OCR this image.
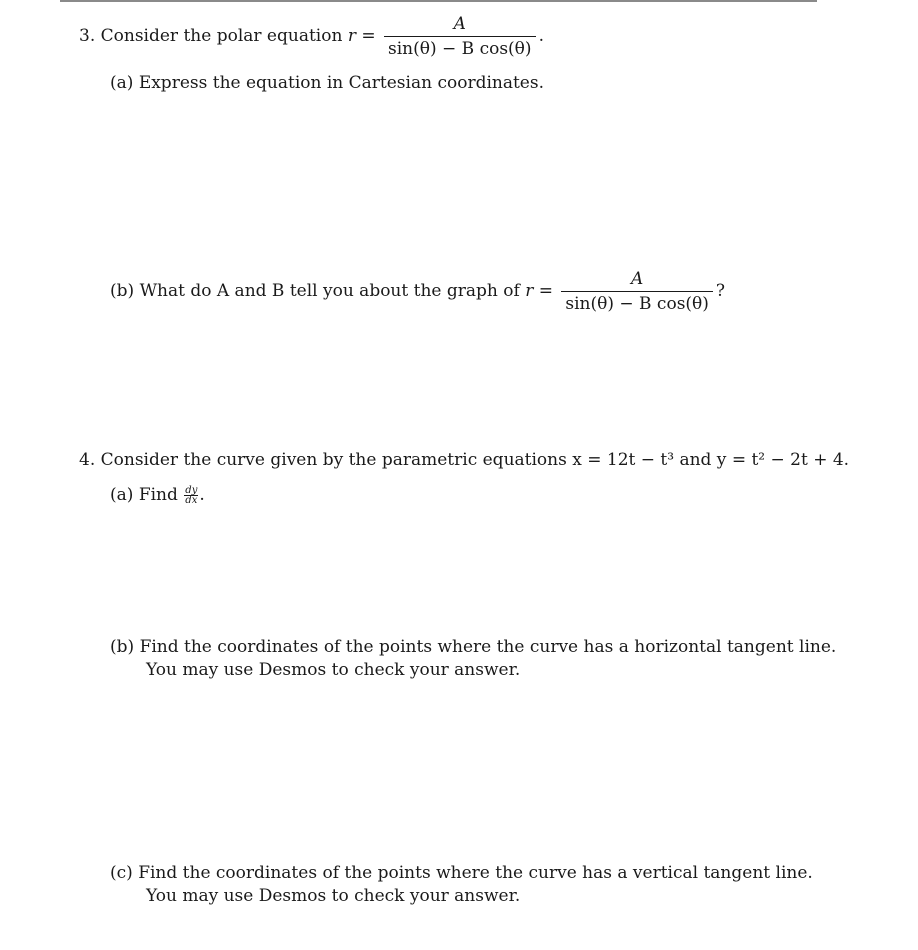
3. Consider the polar equation $r = \frac{A}{\text{sin(θ) − B cos(θ)}}$ .
(a) Express the equation in Cartesian coordinates.
(b) What do A and B tell you about the graph of $r = \frac{A}{\text{sin(θ) − B cos(θ)}}$ ?
4. Consider the curve given by the parametric equations x = 12t − t³ and y = t² − 2t + 4.
(a) Find $\frac{dy}{dx}$ .
(b) Find the coordinates of the points where the curve has a horizontal tangent line.
You may use Desmos to check your answer.
(c) Find the coordinates of the points where the curve has a vertical tangent line.
You may use Desmos to check your answer.
